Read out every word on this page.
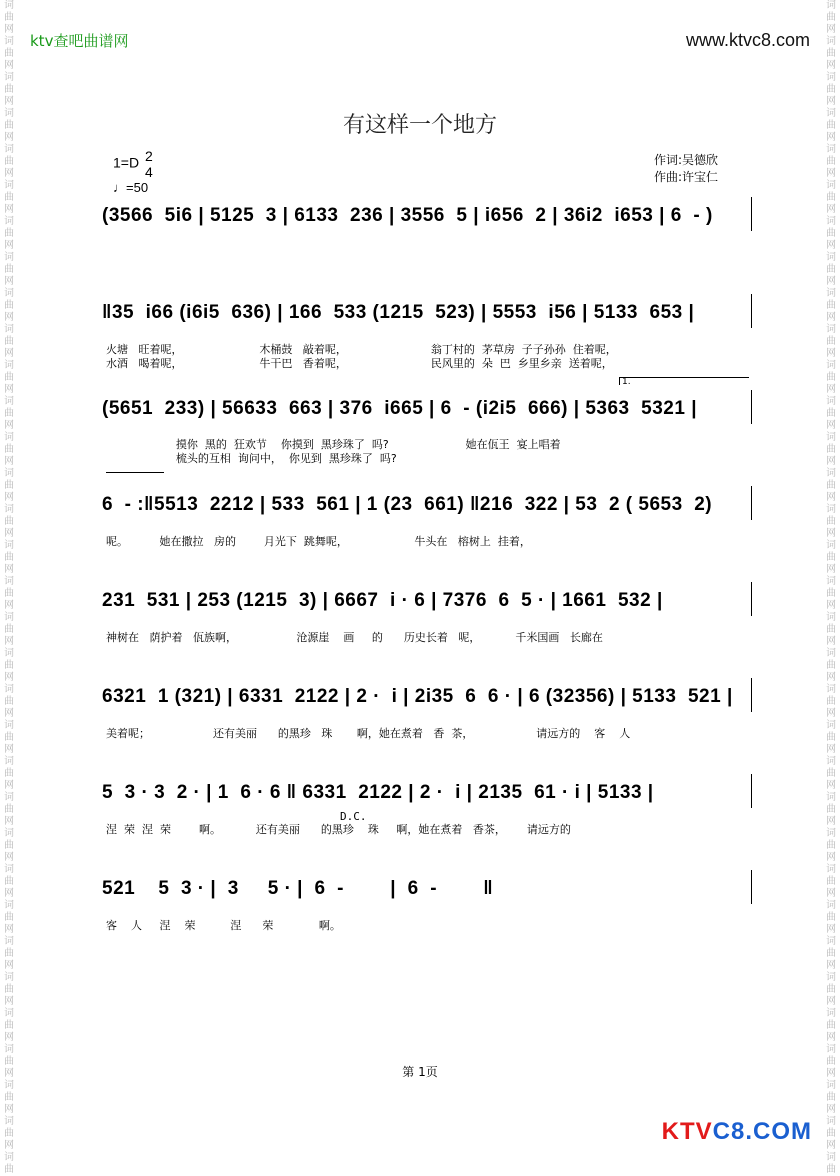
词
曲
网
词
曲
网
词
曲
网
词
曲
网
词
曲
网
词
曲
网
词
曲
网
词
曲
网
词
曲
网
词
曲
网
词
曲
网
词
曲
网
词
曲
网
词
曲
网
词
曲
网
词
曲
网
词
曲
网
词
曲
网
词
曲
网
词
曲
网
词
曲
网
词
曲
网
词
曲
网
词
曲
网
词
曲
网
词
曲
网
词
曲
网
词
曲
网
词
曲
网
词
曲
网
词
曲
网
词
曲
网
词
曲
词
曲
网
词
曲
网
词
曲
网
词
曲
网
词
曲
网
词
曲
网
词
曲
网
词
曲
网
词
曲
网
词
曲
网
词
曲
网
词
曲
网
词
曲
网
词
曲
网
词
曲
网
词
曲
网
词
曲
网
词
曲
网
词
曲
网
词
曲
网
词
曲
网
词
曲
网
词
曲
网
词
曲
网
词
曲
网
词
曲
网
词
曲
网
词
曲
网
词
曲
网
词
曲
网
词
曲
网
词
曲
网
词
曲
ktv查吧曲谱网	www.ktvc8.com
有这样一个地方
1=D 2
4
♩=50
作词:吴德欣
作曲:许宝仁
(3566  5i6 | 5125  3 | 6133  236 | 3556  5 | i656  2 | 36i2  i653 | 6  - )
‖35  i66 (i6i5  636) | 166  533 (1215  523) | 5553  i56 | 5133  653 |
火塘   旺着呢，                      木桶鼓   敲着呢，                        翁丁村的  茅草房  子子孙孙  住着呢，
水酒   喝着呢，                      牛干巴   香着呢，                        民风里的  朵  巴  乡里乡亲  送着呢，
(5651  233) | 56633  663 | 376  i665 | 6  - (i2i5  666) | 5363  5321 |
摸你  黑的  狂欢节    你摸到  黑珍珠了  吗?                      她在佤王  宴上唱着
梳头的互相  询问中，  你见到  黑珍珠了  吗?
6  - :‖5513  2212 | 533  561 | 1 (23  661) ‖216  322 | 53  2 ( 5653  2)
呢。         她在撒拉   房的        月光下  跳舞呢，                   牛头在   榕树上  挂着，
231  531 | 253 (1215  3) | 6667  i · 6 | 7376  6  5 · | 1661  532 |
神树在   荫护着   佤族啊，                 沧源崖    画     的      历史长着   呢，          千米国画   长廊在
6321  1 (321) | 6331  2122 | 2 ·  i | 2i35  6  6 · | 6 (32356) | 5133  521 |
美着呢；                  还有美丽      的黑珍   珠       啊，她在煮着   香  茶，                  请远方的    客    人
5  3 · 3  2 · | 1  6 · 6 ‖ 6331  2122 | 2 ·  i | 2135  61 · i | 5133 |
涅  荣  涅  荣        啊。          还有美丽      的黑珍    珠     啊，她在煮着   香茶，      请远方的
521    5  3 · |  3     5 · |  6  -        |  6  -        ‖
客    人     涅    荣          涅      荣             啊。
1.
D.C.
第 1页
KTVC8.COM
